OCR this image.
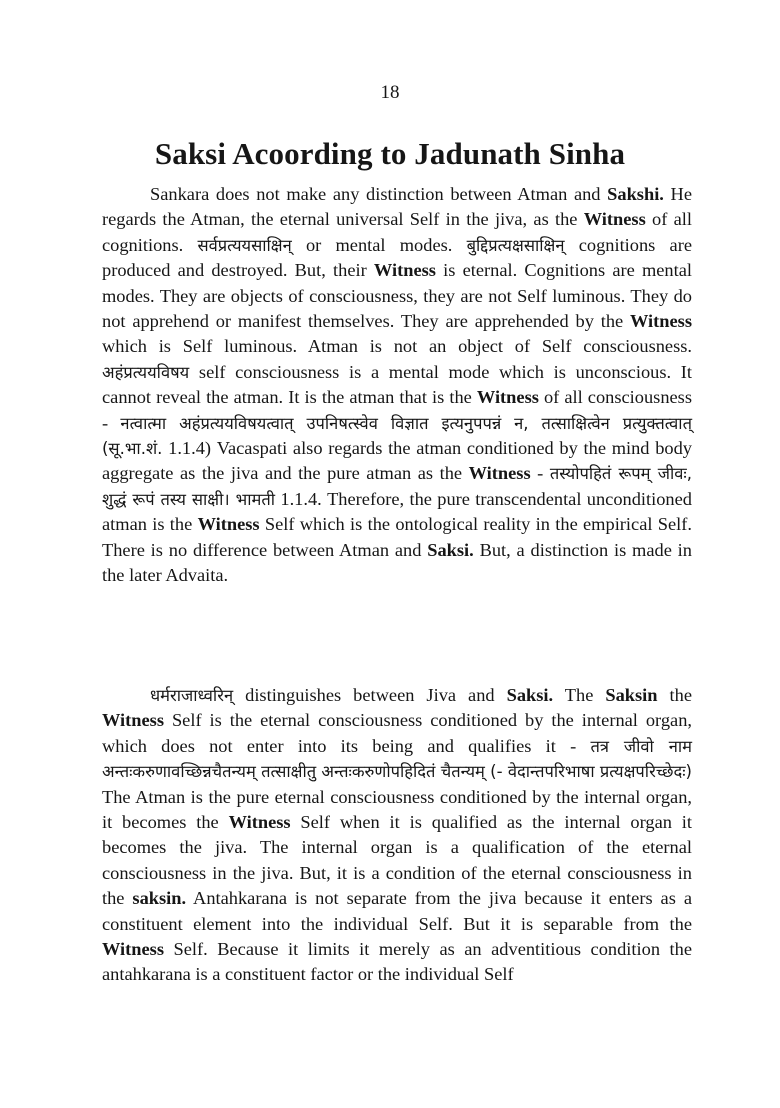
18
Saksi Acoording to Jadunath Sinha

Sankara does not make any distinction between Atman and Sakshi. He regards the Atman, the eternal universal Self in the jiva, as the Witness of all cognitions. सर्वप्रत्ययसाक्षिन् or mental modes. बुद्दिप्रत्यक्षसाक्षिन् cognitions are produced and destroyed. But, their Witness is eternal. Cognitions are mental modes. They are objects of consciousness, they are not Self luminous. They do not apprehend or manifest themselves. They are apprehended by the Witness which is Self luminous. Atman is not an object of Self consciousness. अहंप्रत्ययविषय self consciousness is a mental mode which is unconscious. It cannot reveal the atman. It is the atman that is the Witness of all consciousness - नत्वात्मा अहंप्रत्ययविषयत्वात् उपनिषत्स्वेव विज्ञात इत्यनुपपन्नं न, तत्साक्षित्वेन प्रत्युक्तत्वात् (सू.भा.शं. 1.1.4) Vacaspati also regards the atman conditioned by the mind body aggregate as the jiva and the pure atman as the Witness - तस्योपहितं रूपम् जीवः, शुद्धं रूपं तस्य साक्षी। भामती 1.1.4. Therefore, the pure transcendental unconditioned atman is the Witness Self which is the ontological reality in the empirical Self. There is no difference between Atman and Saksi. But, a distinction is made in the later Advaita.

धर्मराजाध्वरिन् distinguishes between Jiva and Saksi. The Saksin the Witness Self is the eternal consciousness conditioned by the internal organ, which does not enter into its being and qualifies it - तत्र जीवो नाम अन्तःकरुणावच्छिन्नचैतन्यम् तत्साक्षीतु अन्तःकरुणोपहिदितं चैतन्यम् (- वेदान्तपरिभाषा प्रत्यक्षपरिच्छेदः) The Atman is the pure eternal consciousness conditioned by the internal organ, it becomes the Witness Self when it is qualified as the internal organ it becomes the jiva. The internal organ is a qualification of the eternal consciousness in the jiva. But, it is a condition of the eternal consciousness in the saksin. Antahkarana is not separate from the jiva because it enters as a constituent element into the individual Self. But it is separable from the Witness Self. Because it limits it merely as an adventitious condition the antahkarana is a constituent factor or the individual Self
